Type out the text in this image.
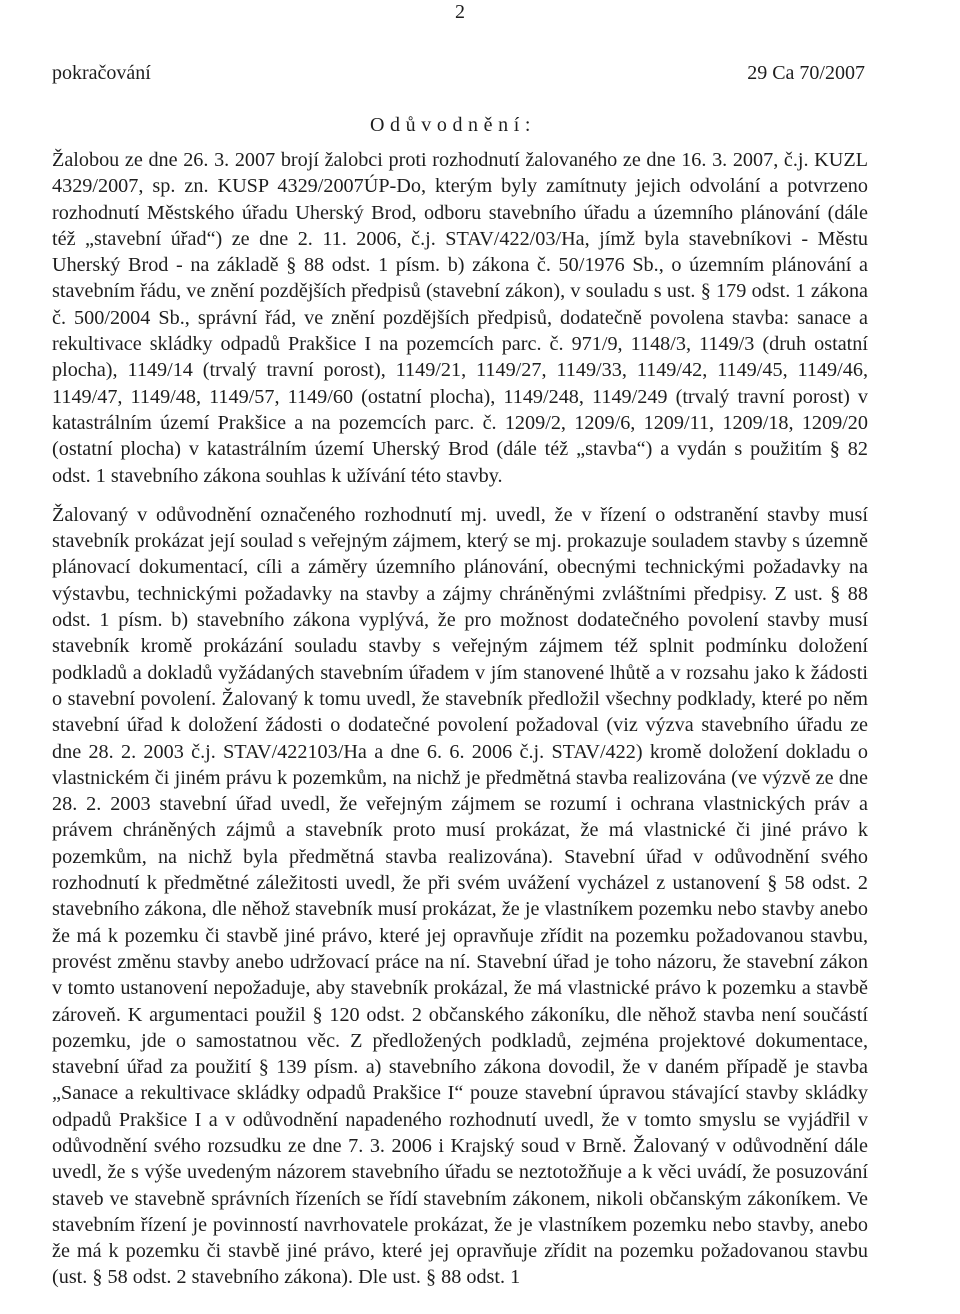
2
pokračování	29 Ca 70/2007
Odůvodnění:

Žalobou ze dne 26. 3. 2007 brojí žalobci proti rozhodnutí žalovaného ze dne 16. 3. 2007, č.j. KUZL 4329/2007, sp. zn. KUSP 4329/2007ÚP-Do, kterým byly zamítnuty jejich odvolání a potvrzeno rozhodnutí Městského úřadu Uherský Brod, odboru stavebního úřadu a územního plánování (dále též „stavební úřad“) ze dne 2. 11. 2006, č.j. STAV/422/03/Ha, jímž byla stavebníkovi - Městu Uherský Brod - na základě § 88 odst. 1 písm. b) zákona č. 50/1976 Sb., o územním plánování a stavebním řádu, ve znění pozdějších předpisů (stavební zákon), v souladu s ust. § 179 odst. 1 zákona č. 500/2004 Sb., správní řád, ve znění pozdějších předpisů, dodatečně povolena stavba: sanace a rekultivace skládky odpadů Prakšice I na pozemcích parc. č. 971/9, 1148/3, 1149/3 (druh ostatní plocha), 1149/14 (trvalý travní porost), 1149/21, 1149/27, 1149/33, 1149/42, 1149/45, 1149/46, 1149/47, 1149/48, 1149/57, 1149/60 (ostatní plocha), 1149/248, 1149/249 (trvalý travní porost) v katastrálním území Prakšice a na pozemcích parc. č. 1209/2, 1209/6, 1209/11, 1209/18, 1209/20 (ostatní plocha) v katastrálním území Uherský Brod (dále též „stavba“) a vydán s použitím § 82 odst. 1 stavebního zákona souhlas k užívání této stavby.

Žalovaný v odůvodnění označeného rozhodnutí mj. uvedl, že v řízení o odstranění stavby musí stavebník prokázat její soulad s veřejným zájmem, který se mj. prokazuje souladem stavby s územně plánovací dokumentací, cíli a záměry územního plánování, obecnými technickými požadavky na výstavbu, technickými požadavky na stavby a zájmy chráněnými zvláštními předpisy. Z ust. § 88 odst. 1 písm. b) stavebního zákona vyplývá, že pro možnost dodatečného povolení stavby musí stavebník kromě prokázání souladu stavby s veřejným zájmem též splnit podmínku doložení podkladů a dokladů vyžádaných stavebním úřadem v jím stanovené lhůtě a v rozsahu jako k žádosti o stavební povolení. Žalovaný k tomu uvedl, že stavebník předložil všechny podklady, které po něm stavební úřad k doložení žádosti o dodatečné povolení požadoval (viz výzva stavebního úřadu ze dne 28. 2. 2003 č.j. STAV/422103/Ha a dne 6. 6. 2006 č.j. STAV/422) kromě doložení dokladu o vlastnickém či jiném právu k pozemkům, na nichž je předmětná stavba realizována (ve výzvě ze dne 28. 2. 2003 stavební úřad uvedl, že veřejným zájmem se rozumí i ochrana vlastnických práv a právem chráněných zájmů a stavebník proto musí prokázat, že má vlastnické či jiné právo k pozemkům, na nichž byla předmětná stavba realizována). Stavební úřad v odůvodnění svého rozhodnutí k předmětné záležitosti uvedl, že při svém uvážení vycházel z ustanovení § 58 odst. 2 stavebního zákona, dle něhož stavebník musí prokázat, že je vlastníkem pozemku nebo stavby anebo že má k pozemku či stavbě jiné právo, které jej opravňuje zřídit na pozemku požadovanou stavbu, provést změnu stavby anebo udržovací práce na ní. Stavební úřad je toho názoru, že stavební zákon v tomto ustanovení nepožaduje, aby stavebník prokázal, že má vlastnické právo k pozemku a stavbě zároveň. K argumentaci použil § 120 odst. 2 občanského zákoníku, dle něhož stavba není součástí pozemku, jde o samostatnou věc. Z předložených podkladů, zejména projektové dokumentace, stavební úřad za použití § 139 písm. a) stavebního zákona dovodil, že v daném případě je stavba „Sanace a rekultivace skládky odpadů Prakšice I“ pouze stavební úpravou stávající stavby skládky odpadů Prakšice I a v odůvodnění napadeného rozhodnutí uvedl, že v tomto smyslu se vyjádřil v odůvodnění svého rozsudku ze dne 7. 3. 2006 i Krajský soud v Brně. Žalovaný v odůvodnění dále uvedl, že s výše uvedeným názorem stavebního úřadu se neztotožňuje a k věci uvádí, že posuzování staveb ve stavebně správních řízeních se řídí stavebním zákonem, nikoli občanským zákoníkem. Ve stavebním řízení je povinností navrhovatele prokázat, že je vlastníkem pozemku nebo stavby, anebo že má k pozemku či stavbě jiné právo, které jej opravňuje zřídit na pozemku požadovanou stavbu (ust. § 58 odst. 2 stavebního zákona). Dle ust. § 88 odst. 1
